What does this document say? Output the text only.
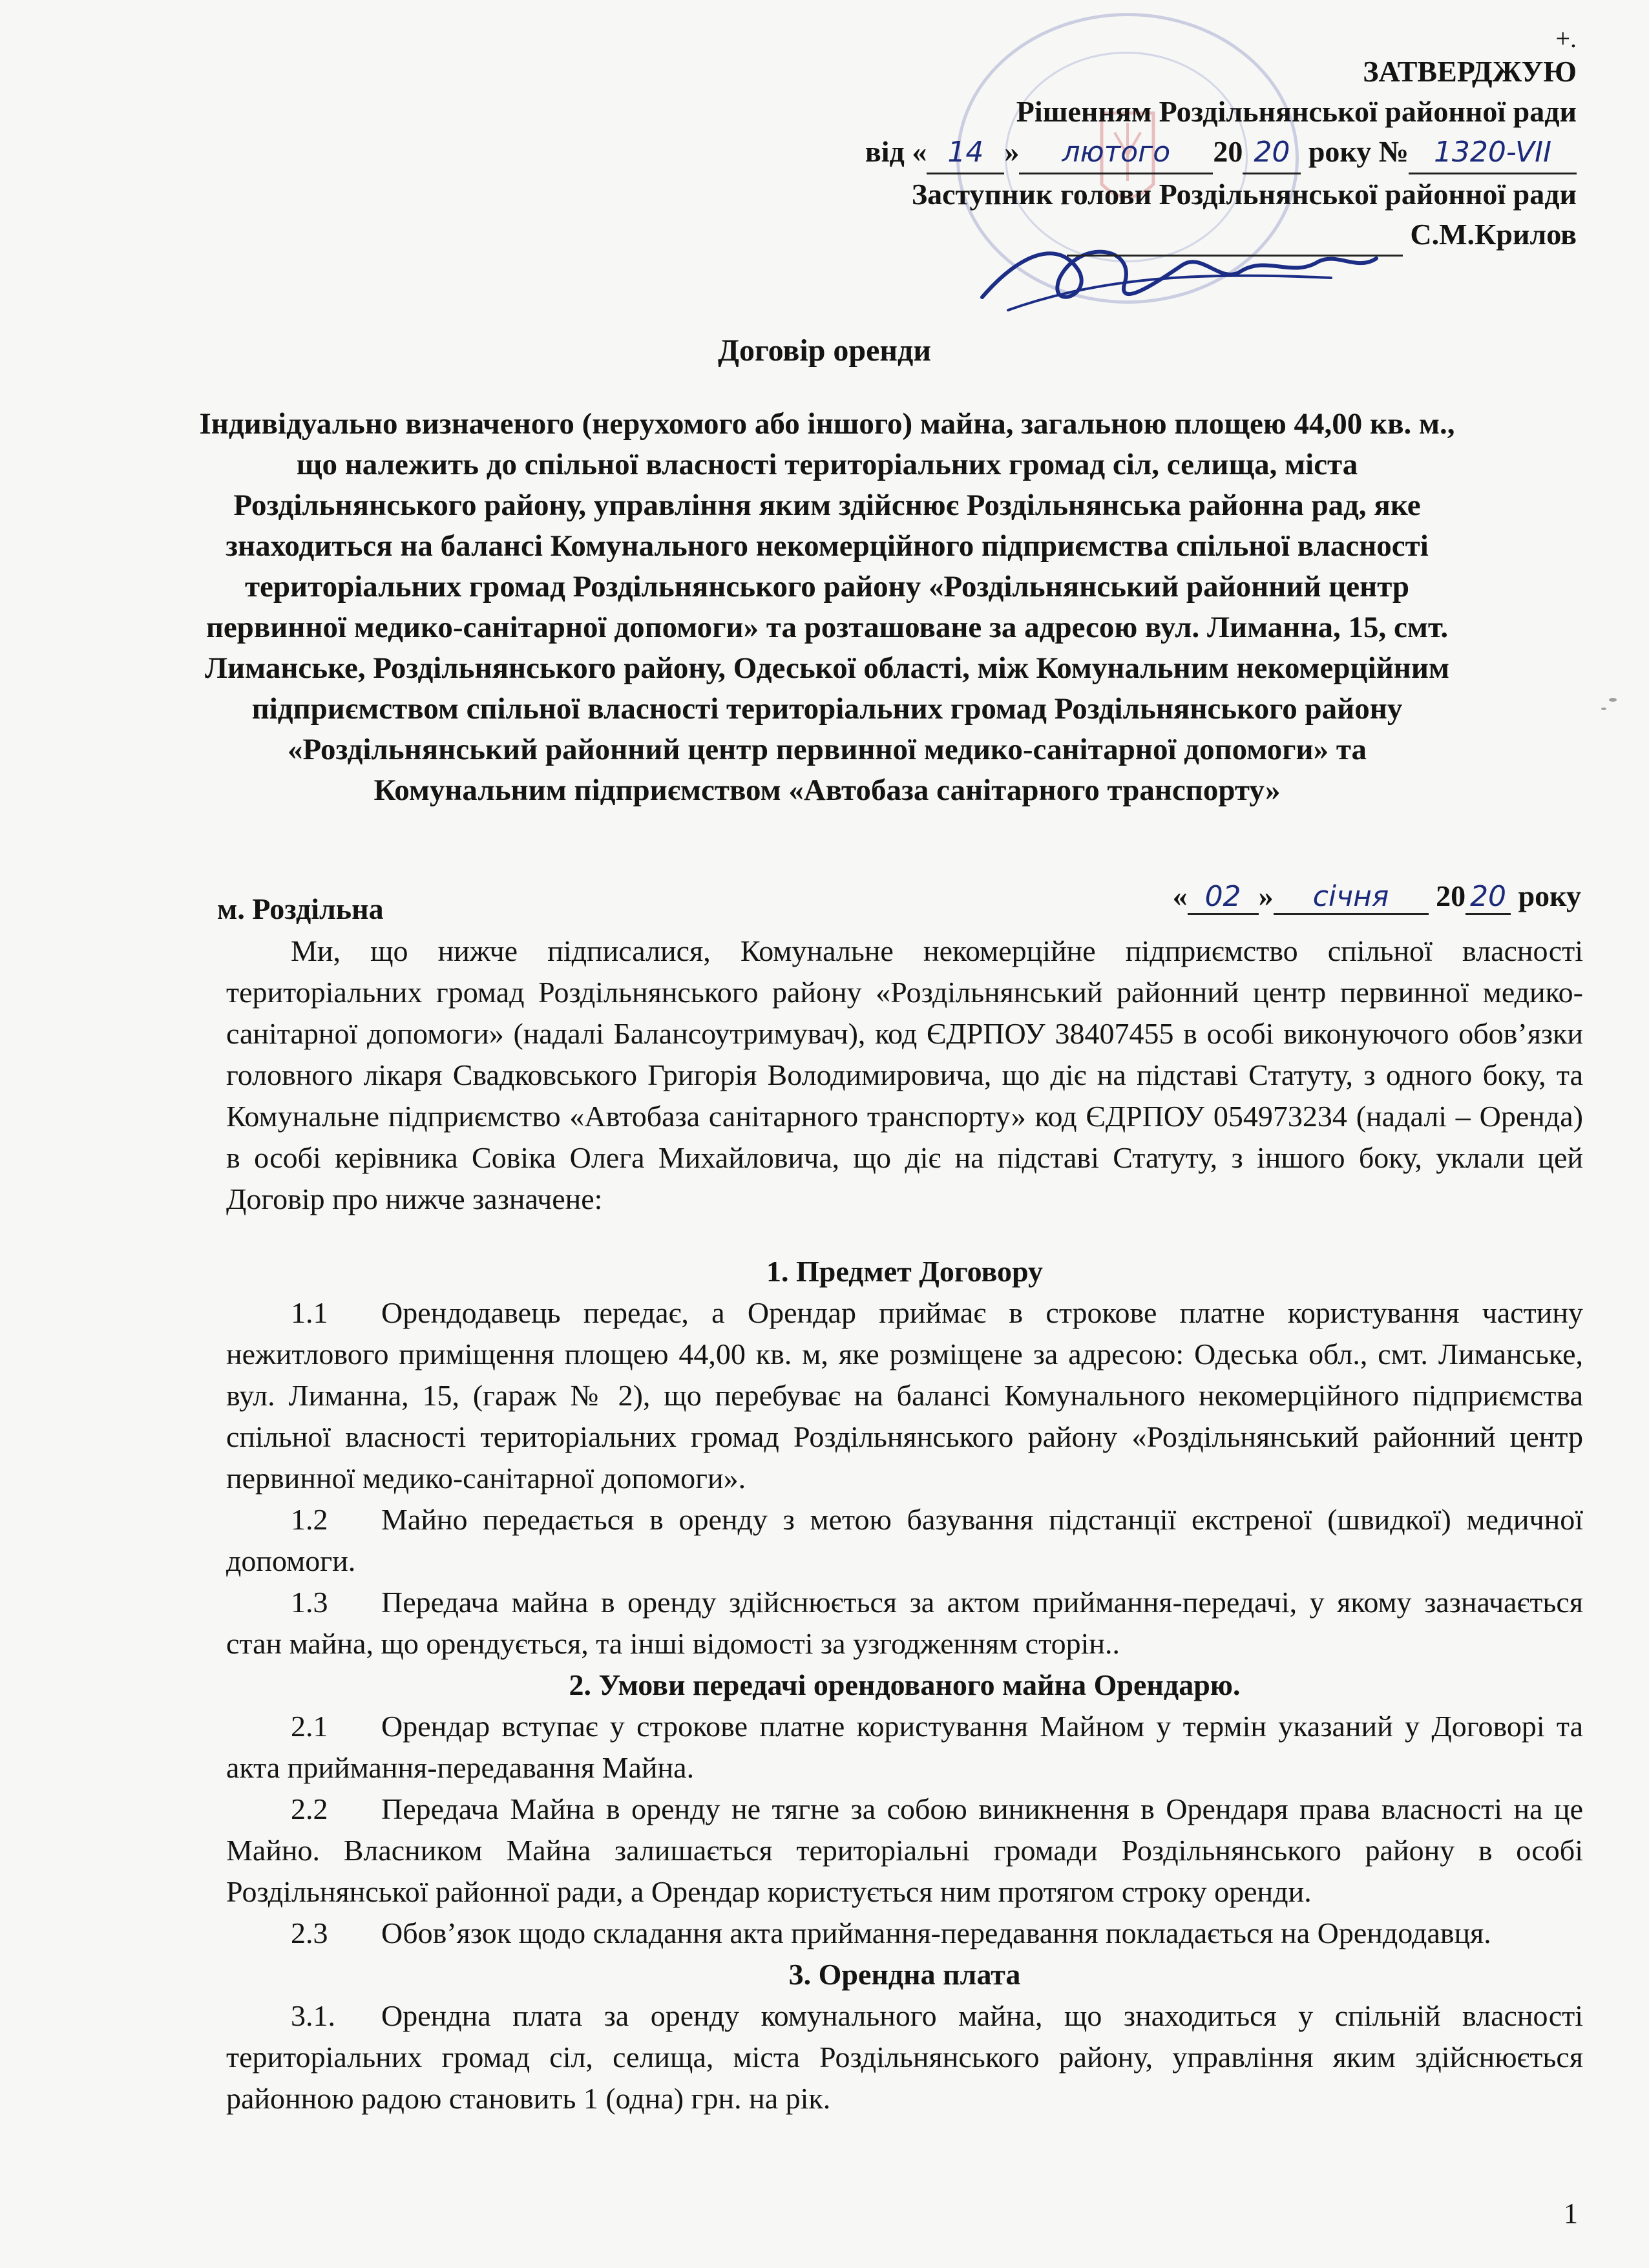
+.
ЗАТВЕРДЖУЮ
Рішенням Роздільнянської районної ради
від « 14 » лютого 20 20 року № 1320-VII
Заступник голови Роздільнянської районної ради
С.М.Крилов
Договір оренди
Індивідуально визначеного (нерухомого або іншого) майна, загальною площею 44,00 кв. м., що належить до спільної власності територіальних громад сіл, селища, міста Роздільнянського району, управління яким здійснює Роздільнянська районна рад, яке знаходиться на балансі Комунального некомерційного підприємства спільної власності територіальних громад Роздільнянського району «Роздільнянський районний центр первинної медико-санітарної допомоги» та розташоване за адресою вул. Лиманна, 15, смт. Лиманське, Роздільнянського району, Одеської області, між Комунальним некомерційним підприємством спільної власності територіальних громад Роздільнянського району «Роздільнянський районний центр первинної медико-санітарної допомоги» та Комунальним підприємством «Автобаза санітарного транспорту»
м. Роздільна	« 02 » січня 20 20 року

Ми, що нижче підписалися, Комунальне некомерційне підприємство спільної власності територіальних громад Роздільнянського району «Роздільнянський районний центр первинної медико-санітарної допомоги» (надалі Балансоутримувач), код ЄДРПОУ 38407455 в особі виконуючого обов’язки головного лікаря Свадковського Григорія Володимировича, що діє на підставі Статуту, з одного боку, та Комунальне підприємство «Автобаза санітарного транспорту» код ЄДРПОУ 054973234 (надалі – Оренда) в особі керівника Совіка Олега Михайловича, що діє на підставі Статуту, з іншого боку, уклали цей Договір про нижче зазначене:

1. Предмет Договору

1.1 Орендодавець передає, а Орендар приймає в строкове платне користування частину нежитлового приміщення площею 44,00 кв. м, яке розміщене за адресою: Одеська обл., смт. Лиманське, вул. Лиманна, 15, (гараж № 2), що перебуває на балансі Комунального некомерційного підприємства спільної власності територіальних громад Роздільнянського району «Роздільнянський районний центр первинної медико-санітарної допомоги».

1.2 Майно передається в оренду з метою базування підстанції екстреної (швидкої) медичної допомоги.

1.3 Передача майна в оренду здійснюється за актом приймання-передачі, у якому зазначається стан майна, що орендується, та інші відомості за узгодженням сторін..

2. Умови передачі орендованого майна Орендарю.

2.1 Орендар вступає у строкове платне користування Майном у термін указаний у Договорі та акта приймання-передавання Майна.

2.2 Передача Майна в оренду не тягне за собою виникнення в Орендаря права власності на це Майно. Власником Майна залишається територіальні громади Роздільнянського району в особі Роздільнянської районної ради, а Орендар користується ним протягом строку оренди.

2.3 Обов’язок щодо складання акта приймання-передавання покладається на Орендодавця.

3. Орендна плата

3.1. Орендна плата за оренду комунального майна, що знаходиться у спільній власності територіальних громад сіл, селища, міста Роздільнянського району, управління яким здійснюється районною радою становить 1 (одна) грн. на рік.

1
